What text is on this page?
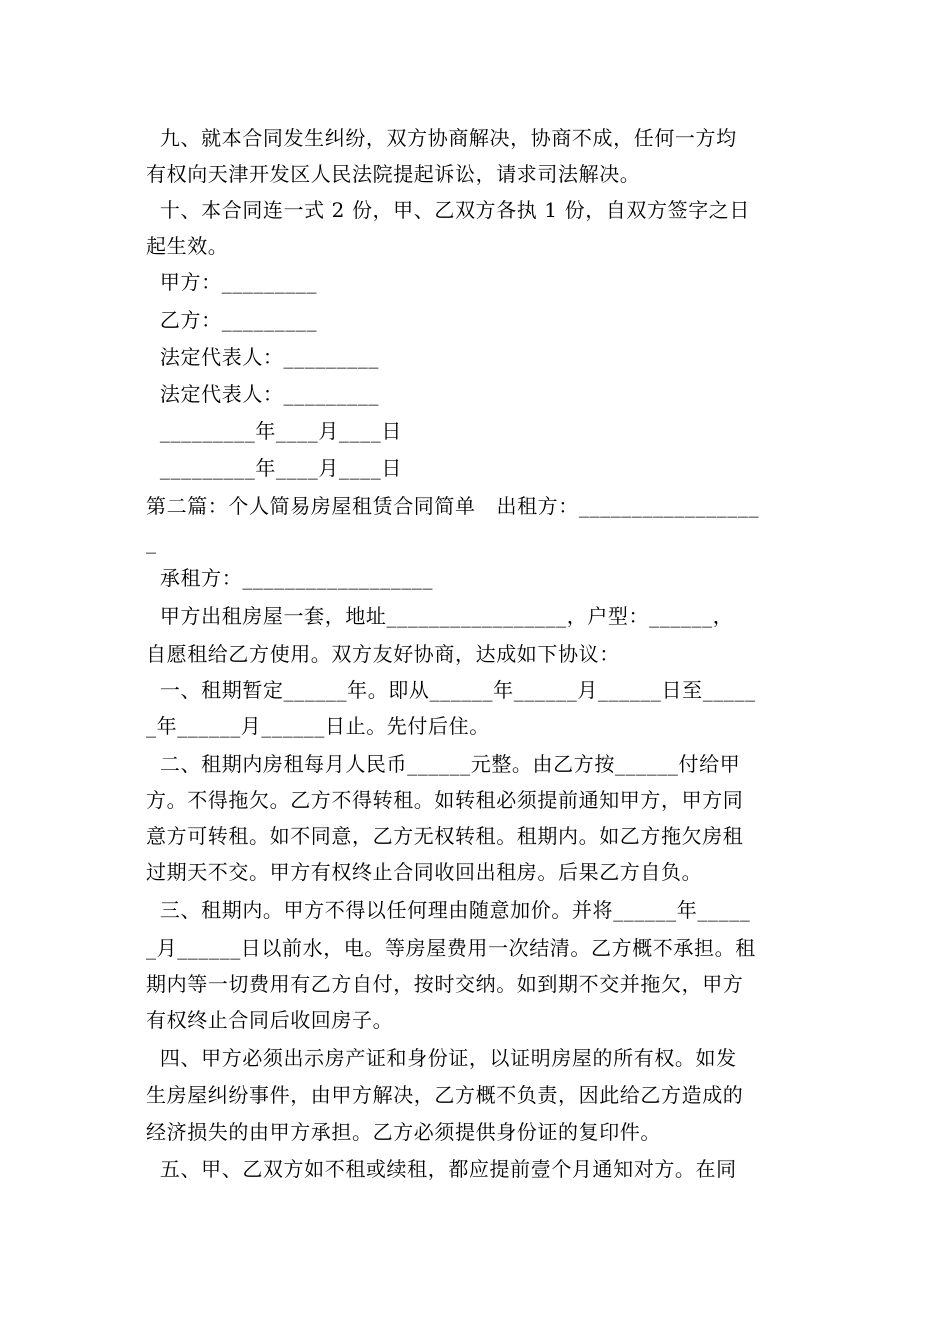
九、就本合同发生纠纷，双方协商解决，协商不成，任何一方均
有权向天津开发区人民法院提起诉讼，请求司法解决。
十、本合同连一式 2 份，甲、乙双方各执 1 份，自双方签字之日
起生效。
甲方：_________
乙方：_________
法定代表人：_________
法定代表人：_________
_________年____月____日
_________年____月____日
第二篇：个人简易房屋租赁合同简单   出租方：_________________
_
承租方：__________________
甲方出租房屋一套，地址_________________，户型：______，
自愿租给乙方使用。双方友好协商，达成如下协议：
一、租期暂定______年。即从______年______月______日至_____
_年______月______日止。先付后住。
二、租期内房租每月人民币______元整。由乙方按______付给甲
方。不得拖欠。乙方不得转租。如转租必须提前通知甲方，甲方同
意方可转租。如不同意，乙方无权转租。租期内。如乙方拖欠房租
过期天不交。甲方有权终止合同收回出租房。后果乙方自负。
三、租期内。甲方不得以任何理由随意加价。并将______年_____
_月______日以前水，电。等房屋费用一次结清。乙方概不承担。租
期内等一切费用有乙方自付，按时交纳。如到期不交并拖欠，甲方
有权终止合同后收回房子。
四、甲方必须出示房产证和身份证，以证明房屋的所有权。如发
生房屋纠纷事件，由甲方解决，乙方概不负责，因此给乙方造成的
经济损失的由甲方承担。乙方必须提供身份证的复印件。
五、甲、乙双方如不租或续租，都应提前壹个月通知对方。在同
